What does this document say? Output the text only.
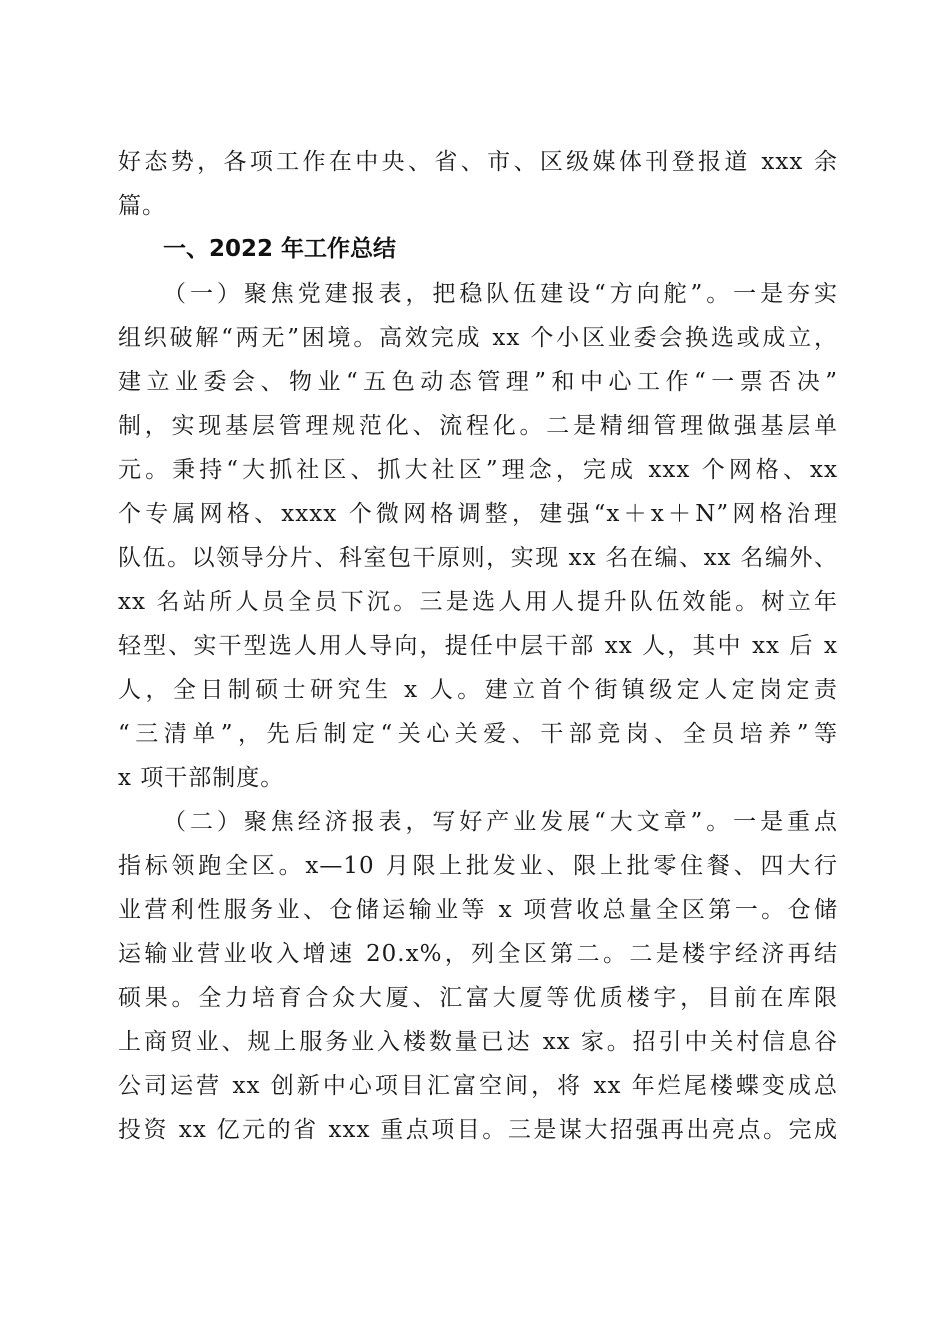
好态势，各项工作在中央、省、市、区级媒体刊登报道 xxx 余
篇。
一、2022 年工作总结
（一）聚焦党建报表，把稳队伍建设“方向舵”。一是夯实
组织破解“两无”困境。高效完成 xx 个小区业委会换选或成立，
建立业委会、物业“五色动态管理”和中心工作“一票否决”
制，实现基层管理规范化、流程化。二是精细管理做强基层单
元。秉持“大抓社区、抓大社区”理念，完成 xxx 个网格、xx
个专属网格、xxxx 个微网格调整，建强“x＋x＋N”网格治理
队伍。以领导分片、科室包干原则，实现 xx 名在编、xx 名编外、
xx 名站所人员全员下沉。三是选人用人提升队伍效能。树立年
轻型、实干型选人用人导向，提任中层干部 xx 人，其中 xx 后 x
人，全日制硕士研究生 x 人。建立首个街镇级定人定岗定责
“三清单”，先后制定“关心关爱、干部竞岗、全员培养”等
x 项干部制度。
（二）聚焦经济报表，写好产业发展“大文章”。一是重点
指标领跑全区。x—10 月限上批发业、限上批零住餐、四大行
业营利性服务业、仓储运输业等 x 项营收总量全区第一。仓储
运输业营业收入增速 20.x%，列全区第二。二是楼宇经济再结
硕果。全力培育合众大厦、汇富大厦等优质楼宇，目前在库限
上商贸业、规上服务业入楼数量已达 xx 家。招引中关村信息谷
公司运营 xx 创新中心项目汇富空间，将 xx 年烂尾楼蝶变成总
投资 xx 亿元的省 xxx 重点项目。三是谋大招强再出亮点。完成
